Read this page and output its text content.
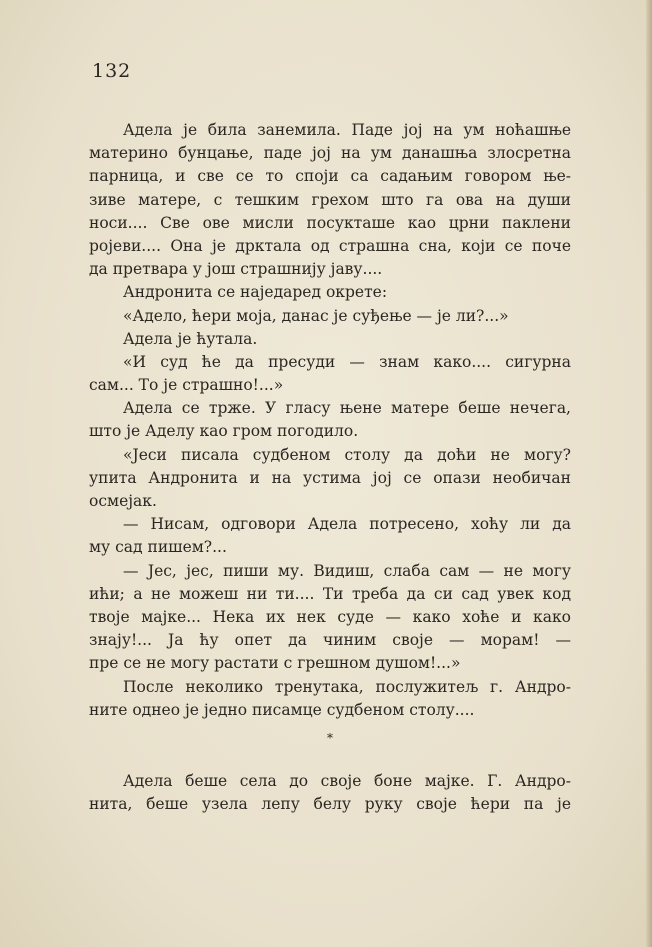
132
Адела је била занемила. Паде јој на ум ноћашње
материно бунцање, паде јој на ум данашња злосретна
парница, и све се то споји са садањим говором ње-
зиве матере, с тешким грехом што га ова на души
носи.... Све ове мисли посукташе као црни паклени
ројеви.... Она је дрктала од страшна сна, који се поче
да претвара у још страшнију јаву....
Андронита се наједаред окрете:
«Адело, ћери моја, данас је суђење — је ли?...»
Адела је ћутала.
«И суд ће да пресуди — знам како.... сигурна
сам... То је страшно!...»
Адела се трже. У гласу њене матере беше нечега,
што је Аделу као гром погодило.
«Јеси писала судбеном столу да доћи не могу?
упита Андронита и на устима јој се опази необичан
осмејак.
— Нисам, одговори Адела потресено, хоћу ли да
му сад пишем?...
— Јес, јес, пиши му. Видиш, слаба сам — не могу
ићи; а не можеш ни ти.... Ти треба да си сад увек код
твоје мајке... Нека их нек суде — како хоће и како
знају!... Ја ћу опет да чиним своје — морам! —
пре се не могу растати с грешном душом!...»
После неколико тренутака, послужитељ г. Андро-
ните однео је једно писамце судбеном столу....
*
Адела беше села до своје боне мајке. Г. Андро-
нита, беше узела лепу белу руку своје ћери па је
